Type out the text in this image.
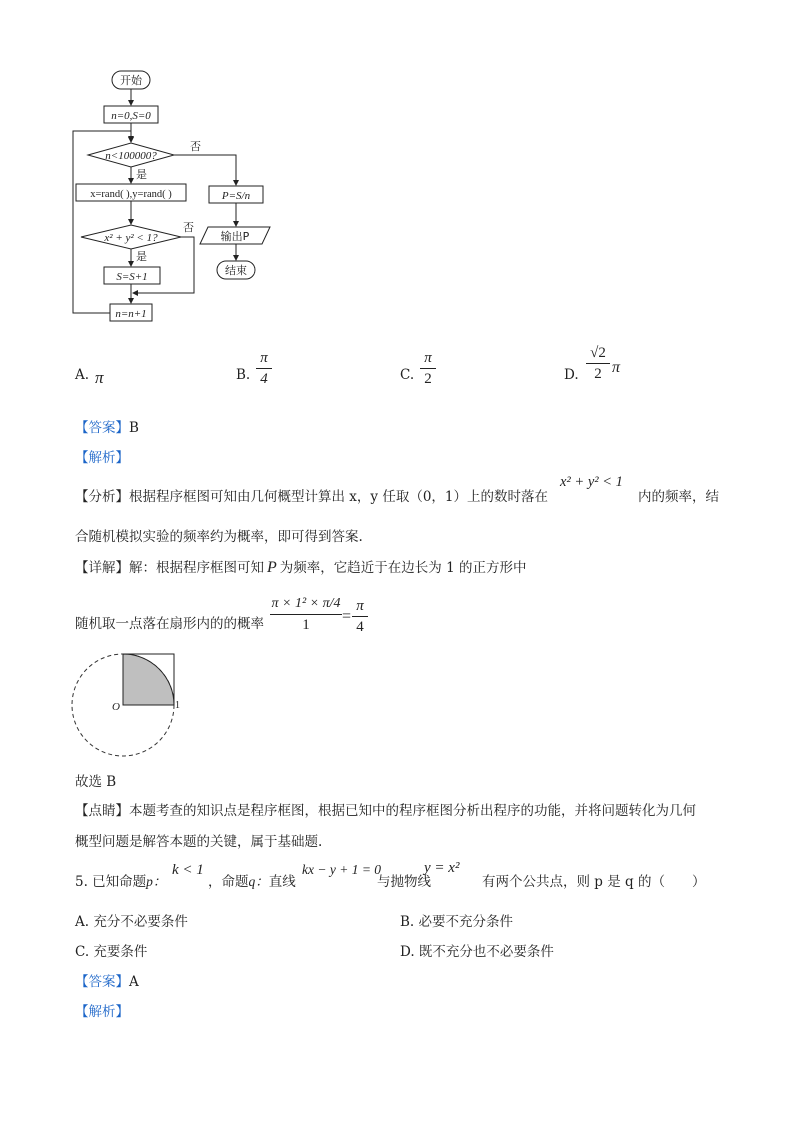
开始
n=0,S=0
n<100000?
否
是
x=rand( ),y=rand( )
x² + y² < 1?
否
是
S=S+1
n=n+1
P=S/n
输出P
结束
A. π	B.
π
4	C.
π
2	D.
√2
2 π
【答案】B
【解析】
【分析】根据程序框图可知由几何概型计算出 x，y 任取（0，1）上的数时落在
x² + y² < 1
内的频率，结
合随机模拟实验的频率约为概率，即可得到答案.
【详解】解：根据程序框图可知 P 为频率，它趋近于在边长为 1 的正方形中
随机取一点落在扇形内的的概率
π × 1² × π/4
1	=
π
4
O	1
故选 B
【点睛】本题考查的知识点是程序框图，根据已知中的程序框图分析出程序的功能，并将问题转化为几何
概型问题是解答本题的关键，属于基础题.
5. 已知命题p：
k < 1
，命题q：直线
kx − y + 1 = 0
与抛物线
y = x²
有两个公共点，则 p 是 q 的（　　）
A. 充分不必要条件	B. 必要不充分条件
C. 充要条件	D. 既不充分也不必要条件
【答案】A
【解析】
